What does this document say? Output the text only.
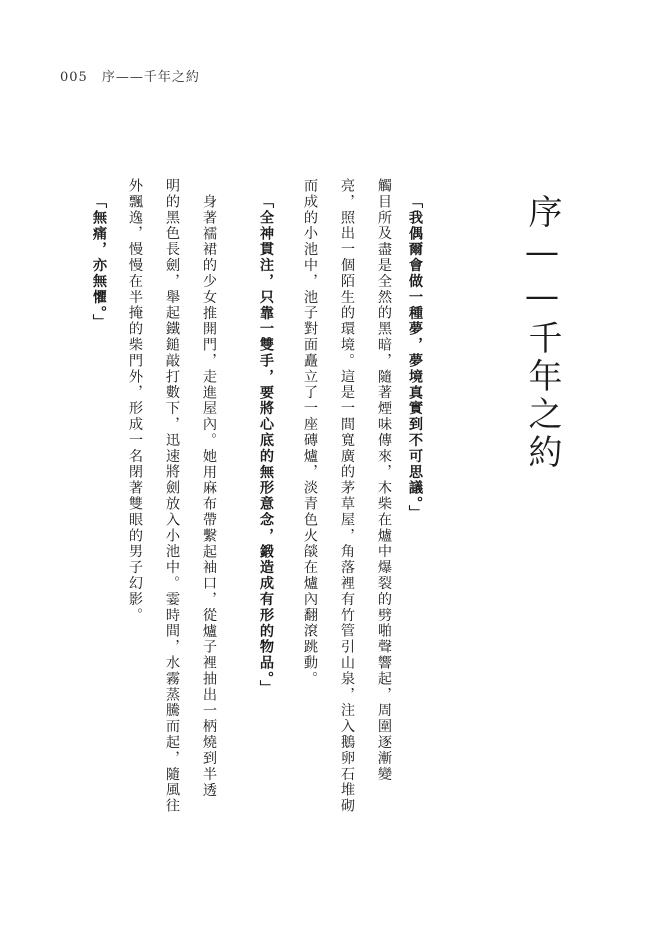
005 序——千年之約
序——千年之約
「我偶爾會做一種夢，夢境真實到不可思議。」
觸目所及盡是全然的黑暗，隨著煙味傳來，木柴在爐中爆裂的劈啪聲響起，周圍逐漸變
亮，照出一個陌生的環境。這是一間寬廣的茅草屋，角落裡有竹管引山泉，注入鵝卵石堆砌
而成的小池中，池子對面矗立了一座磚爐，淡青色火燄在爐內翻滾跳動。
「全神貫注，只靠一雙手，要將心底的無形意念，鍛造成有形的物品。」
身著襦裙的少女推開門，走進屋內。她用麻布帶繫起袖口，從爐子裡抽出一柄燒到半透
明的黑色長劍，舉起鐵鎚敲打數下，迅速將劍放入小池中。霎時間，水霧蒸騰而起，隨風往
外飄逸，慢慢在半掩的柴門外，形成一名閉著雙眼的男子幻影。
「無痛，亦無懼。」
